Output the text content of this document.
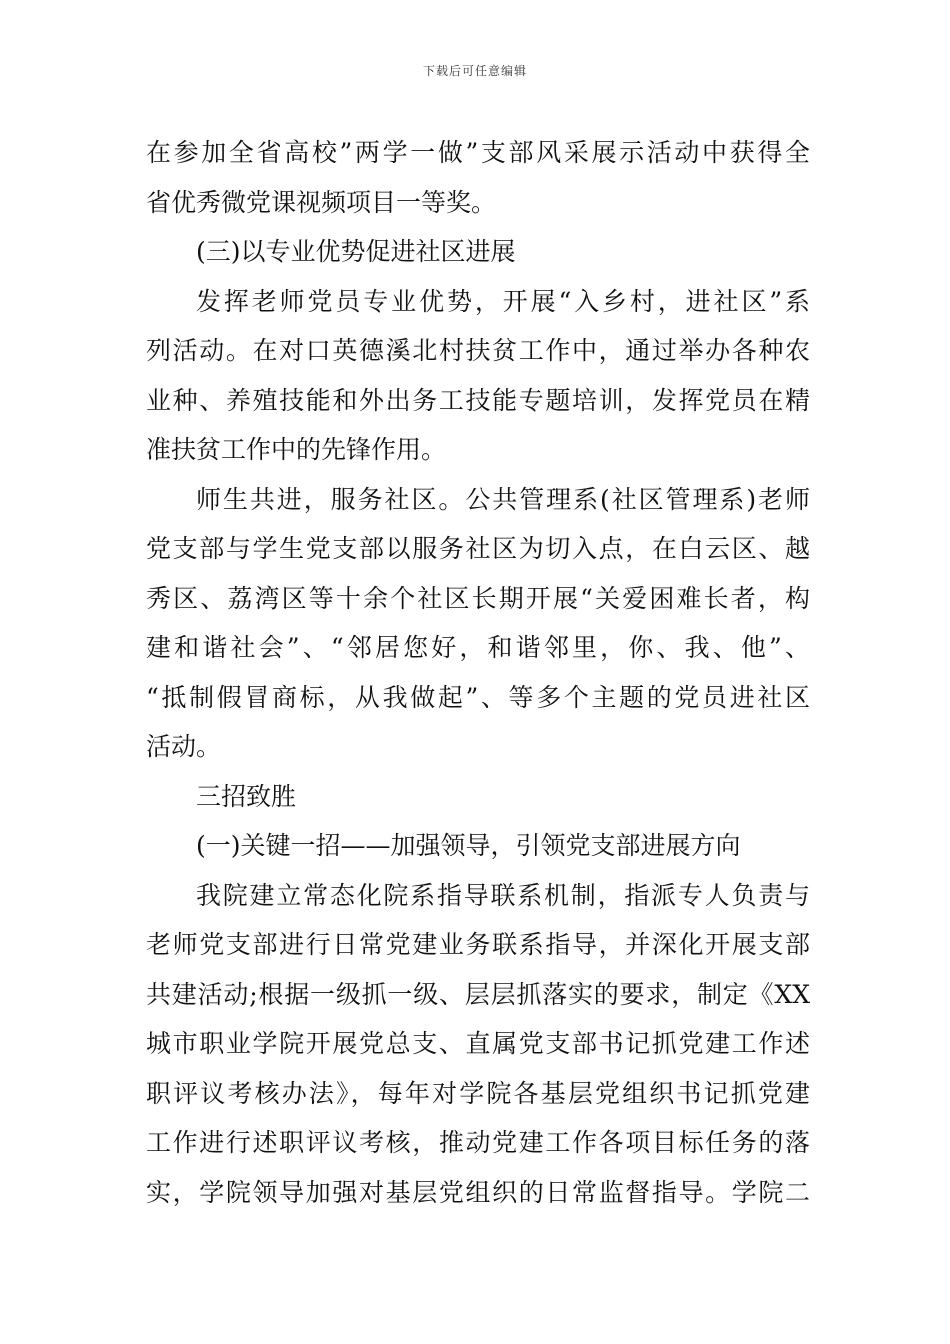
下载后可任意编辑
在参加全省高校”两学一做”支部风采展示活动中获得全
省优秀微党课视频项目一等奖。
(三)以专业优势促进社区进展
发挥老师党员专业优势，开展“入乡村，进社区”系
列活动。在对口英德溪北村扶贫工作中，通过举办各种农
业种、养殖技能和外出务工技能专题培训，发挥党员在精
准扶贫工作中的先锋作用。
师生共进，服务社区。公共管理系(社区管理系)老师
党支部与学生党支部以服务社区为切入点，在白云区、越
秀区、荔湾区等十余个社区长期开展“关爱困难长者，构
建和谐社会”、“邻居您好，和谐邻里，你、我、他”、
“抵制假冒商标，从我做起”、等多个主题的党员进社区
活动。
三招致胜
(一)关键一招——加强领导，引领党支部进展方向
我院建立常态化院系指导联系机制，指派专人负责与
老师党支部进行日常党建业务联系指导，并深化开展支部
共建活动;根据一级抓一级、层层抓落实的要求，制定《XX
城市职业学院开展党总支、直属党支部书记抓党建工作述
职评议考核办法》，每年对学院各基层党组织书记抓党建
工作进行述职评议考核，推动党建工作各项目标任务的落
实，学院领导加强对基层党组织的日常监督指导。学院二
